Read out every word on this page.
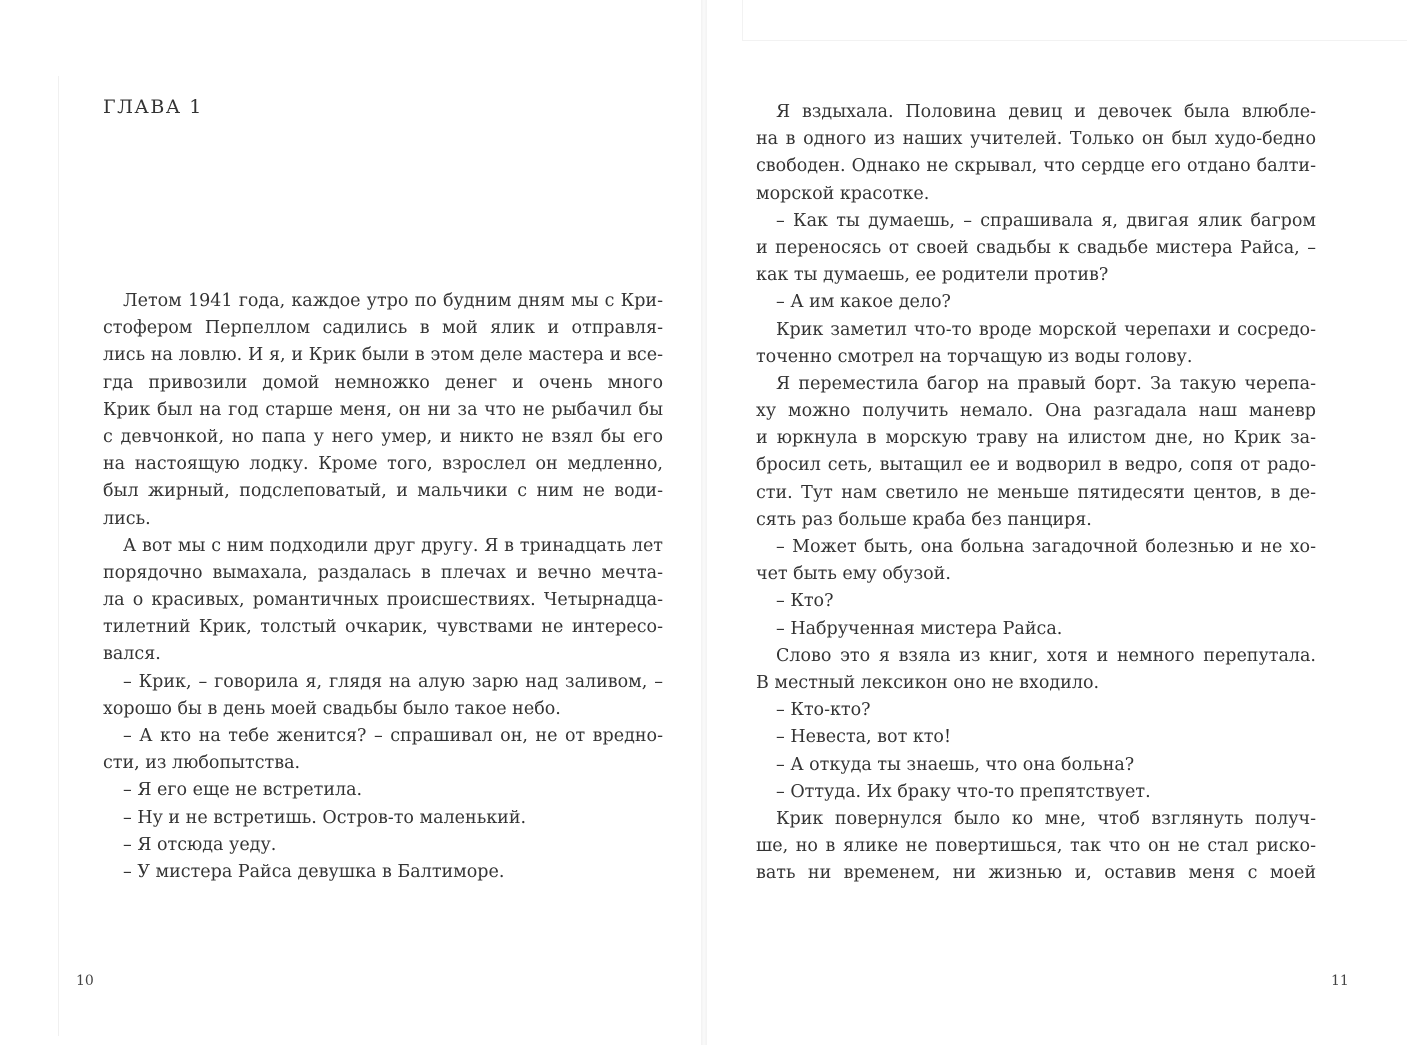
ГЛАВА 1
Летом 1941 года, каждое утро по будним дням мы с Кри-
стофером Перпеллом садились в мой ялик и отправля-
лись на ловлю. И я, и Крик были в этом деле мастера и все-
гда привозили домой немножко денег и очень много
Крик был на год старше меня, он ни за что не рыбачил бы
с девчонкой, но папа у него умер, и никто не взял бы его
на настоящую лодку. Кроме того, взрослел он медленно,
был жирный, подслеповатый, и мальчики с ним не води-
лись.
А вот мы с ним подходили друг другу. Я в тринадцать лет
порядочно вымахала, раздалась в плечах и вечно мечта-
ла о красивых, романтичных происшествиях. Четырнадца-
тилетний Крик, толстый очкарик, чувствами не интересо-
вался.
– Крик, – говорила я, глядя на алую зарю над заливом, –
хорошо бы в день моей свадьбы было такое небо.
– А кто на тебе женится? – спрашивал он, не от вредно-
сти, из любопытства.
– Я его еще не встретила.
– Ну и не встретишь. Остров-то маленький.
– Я отсюда уеду.
– У мистера Райса девушка в Балтиморе.
Я вздыхала. Половина девиц и девочек была влюбле-
на в одного из наших учителей. Только он был худо-бедно
свободен. Однако не скрывал, что сердце его отдано балти-
морской красотке.
– Как ты думаешь, – спрашивала я, двигая ялик багром
и переносясь от своей свадьбы к свадьбе мистера Райса, –
как ты думаешь, ее родители против?
– А им какое дело?
Крик заметил что-то вроде морской черепахи и сосредо-
точенно смотрел на торчащую из воды голову.
Я переместила багор на правый борт. За такую черепа-
ху можно получить немало. Она разгадала наш маневр
и юркнула в морскую траву на илистом дне, но Крик за-
бросил сеть, вытащил ее и водворил в ведро, сопя от радо-
сти. Тут нам светило не меньше пятидесяти центов, в де-
сять раз больше краба без панциря.
– Может быть, она больна загадочной болезнью и не хо-
чет быть ему обузой.
– Кто?
– Набрученная мистера Райса.
Слово это я взяла из книг, хотя и немного перепутала.
В местный лексикон оно не входило.
– Кто-кто?
– Невеста, вот кто!
– А откуда ты знаешь, что она больна?
– Оттуда. Их браку что-то препятствует.
Крик повернулся было ко мне, чтоб взглянуть получ-
ше, но в ялике не повертишься, так что он не стал риско-
вать ни временем, ни жизнью и, оставив меня с моей
10	11
